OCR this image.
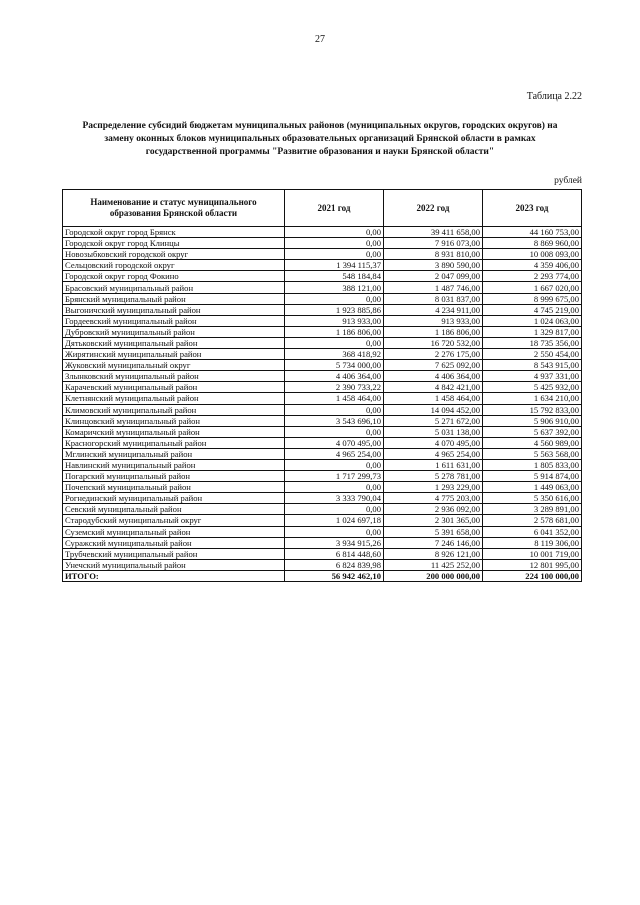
27
Таблица 2.22
Распределение субсидий бюджетам муниципальных районов (муниципальных округов, городских округов) на замену оконных блоков муниципальных образовательных организаций Брянской области в рамках государственной программы "Развитие образования и науки Брянской области"
рублей
Наименование и статус муниципального образования Брянской области	2021 год	2022 год	2023 год
Городской округ город Брянск	0,00	39 411 658,00	44 160 753,00
Городской округ город Клинцы	0,00	7 916 073,00	8 869 960,00
Новозыбковский городской округ	0,00	8 931 810,00	10 008 093,00
Сельцовский городской округ	1 394 115,37	3 890 590,00	4 359 406,00
Городской округ город Фокино	548 184,84	2 047 099,00	2 293 774,00
Брасовский муниципальный район	388 121,00	1 487 746,00	1 667 020,00
Брянский муниципальный район	0,00	8 031 837,00	8 999 675,00
Выгоничский муниципальный район	1 923 885,86	4 234 911,00	4 745 219,00
Гордеевский муниципальный район	913 933,00	913 933,00	1 024 063,00
Дубровский муниципальный район	1 186 806,00	1 186 806,00	1 329 817,00
Дятьковский муниципальный район	0,00	16 720 532,00	18 735 356,00
Жирятинский муниципальный район	368 418,92	2 276 175,00	2 550 454,00
Жуковский муниципальный округ	5 734 000,00	7 625 092,00	8 543 915,00
Злынковский муниципальный район	4 406 364,00	4 406 364,00	4 937 331,00
Карачевский муниципальный район	2 390 733,22	4 842 421,00	5 425 932,00
Клетнянский муниципальный район	1 458 464,00	1 458 464,00	1 634 210,00
Климовский муниципальный район	0,00	14 094 452,00	15 792 833,00
Клинцовский муниципальный район	3 543 696,10	5 271 672,00	5 906 910,00
Комаричский муниципальный район	0,00	5 031 138,00	5 637 392,00
Красногорский муниципальный район	4 070 495,00	4 070 495,00	4 560 989,00
Мглинский муниципальный район	4 965 254,00	4 965 254,00	5 563 568,00
Навлинский муниципальный район	0,00	1 611 631,00	1 805 833,00
Погарский муниципальный район	1 717 299,73	5 278 781,00	5 914 874,00
Почепский муниципальный район	0,00	1 293 229,00	1 449 063,00
Рогнединский муниципальный район	3 333 790,04	4 775 203,00	5 350 616,00
Севский муниципальный район	0,00	2 936 092,00	3 289 891,00
Стародубский муниципальный округ	1 024 697,18	2 301 365,00	2 578 681,00
Суземский муниципальный район	0,00	5 391 658,00	6 041 352,00
Суражский муниципальный район	3 934 915,26	7 246 146,00	8 119 306,00
Трубчевский муниципальный район	6 814 448,60	8 926 121,00	10 001 719,00
Унечский муниципальный район	6 824 839,98	11 425 252,00	12 801 995,00
ИТОГО:	56 942 462,10	200 000 000,00	224 100 000,00
